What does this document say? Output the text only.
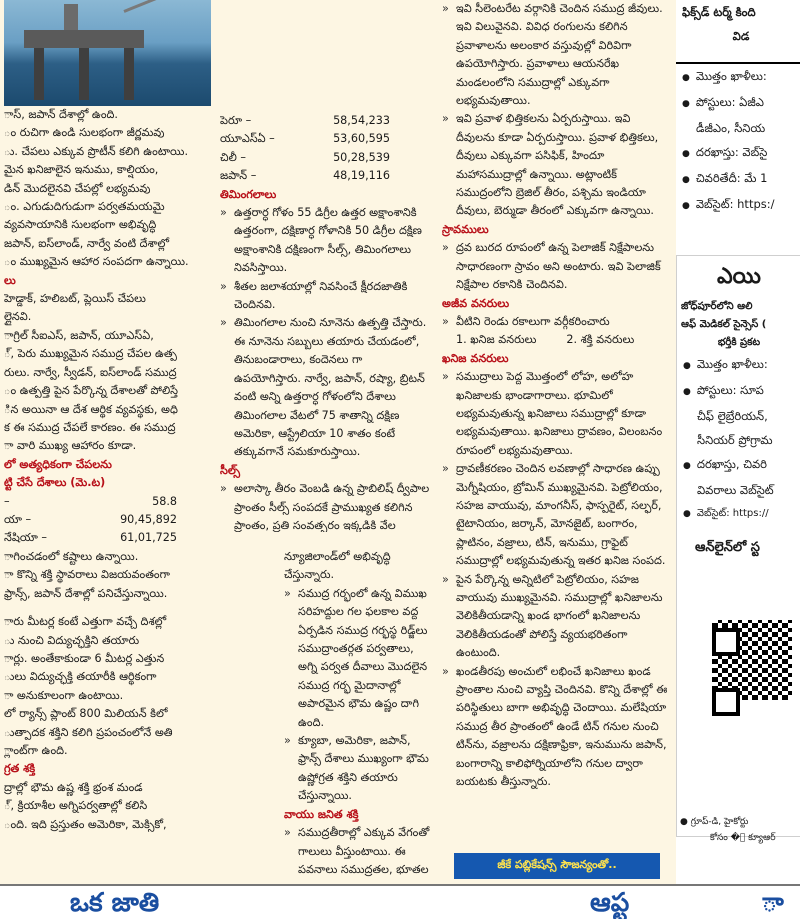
ాస్, జపాన్ దేశాల్లో ఉంది.
ం రుచిగా ఉండి సులభంగా జీర్ణమవు
ు. చేపలు ఎక్కువ ప్రొటీన్ కలిగి ఉంటాయి.
మైన ఖనిజాలైన ఇనుము, కాల్షియం,
డిన్ మొదలైనవి చేపల్లో లభ్యమవు
ం. ఎగుడుదిగుడుగా పర్వతమయమై
వ్యవసాయానికి సులభంగా అభివృద్ధి
జపాన్, ఐస్‌లాండ్, నార్వే వంటి దేశాల్లో
ం ముఖ్యమైన ఆహార సంపదగా ఉన్నాయి.
లు
హెడ్డాక్, హలిబట్, ప్లెయిస్ చేపలు
ల్లైనవి.
ాగ్రిల్ సీఐఎస్, జపాన్, యూఎస్ఏ,
్, పెరు ముఖ్యమైన సముద్ర చేపల ఉత్ప
రులు. నార్వే, స్వీడన్, ఐస్‌లాండ్ సముద్ర
ం ఉత్పత్తి పైన పేర్కొన్న దేశాలతో పోలిస్తే
ిన అయినా ఆ దేశ ఆర్థిక వ్యవస్థకు, అధి
క ఈ సముద్ర చేపలే కారణం. ఈ సముద్ర
ా వారి ముఖ్య ఆహారం కూడా.
లో అత్యధికంగా చేపలను
ట్టి చేసే దేశాలు (మె.ట)
–	58.8
యా –	90,45,892
నేషియా –	61,01,725
పెరూ –	58,54,233
యూఎస్ఏ –	53,60,595
చిలీ –	50,28,539
జపాన్ –	48,19,116
తిమింగలాలు
» ఉత్తరార్ధ గోళం 55 డిగ్రీల ఉత్తర అక్షాంశానికి ఉత్తరంగా, దక్షిణార్ధ గోళానికి 50 డిగ్రీల దక్షిణ అక్షాంశానికి దక్షిణంగా సీల్స్, తిమింగలాలు నివసిస్తాయి.
» శీతల జలాశయాల్లో నివసించే క్షీరదజాతికి చెందినవి.
» తిమింగలాల నుంచి నూనెను ఉత్పత్తి చేస్తారు. ఈ నూనెను సబ్బులు తయారు చేయడంలో, తినుబండారాలు, కందెనలు గా ఉపయోగిస్తారు. నార్వే, జపాన్, రష్యా, బ్రిటన్ వంటి అన్ని ఉత్తరార్ధ గోళంలోని దేశాలు తిమింగలాల వేటలో 75 శాతాన్ని దక్షిణ అమెరికా, ఆస్ట్రేలియా 10 శాతం కంటే తక్కువగానే సమకూరుస్తాయి.
సీల్స్
» అలాస్కా తీరం వెంబడి ఉన్న ప్రాబిలిష్ ద్వీపాల ప్రాంతం సీల్స్ సంపదకే ప్రాముఖ్యత కలిగిన ప్రాంతం, ప్రతి సంవత్సరం ఇక్కడికి వేల
» ఇవి సీలెంటరేట వర్గానికి చెందిన సముద్ర జీవులు. ఇవి విలువైనవి. వివిధ రంగులను కలిగిన ప్రవాళాలను అలంకార వస్తువుల్లో విరివిగా ఉపయోగిస్తారు. ప్రవాళాలు ఆయనరేఖ మండలంలోని సముద్రాల్లో ఎక్కువగా లభ్యమవుతాయి.
» ఇవి ప్రవాళ భిత్తికలను ఏర్పరుస్తాయి. ఇవి దీవులను కూడా ఏర్పరుస్తాయి. ప్రవాళ భిత్తికలు, దీవులు ఎక్కువగా పసిఫిక్, హిందూ మహాసముద్రాల్లో ఉన్నాయి. అట్లాంటిక్ సముద్రంలోని బ్రెజిల్ తీరం, పశ్చిమ ఇండియా దీవులు, బెర్ముడా తీరంలో ఎక్కువగా ఉన్నాయి.
స్రావములు
» ద్రవ బురద రూపంలో ఉన్న పెలాజిక్ నిక్షేపాలను సాధారణంగా స్రావం అని అంటారు. ఇవి పెలాజిక్ నిక్షేపాల రకానికి చెందినవి.
అజీవ వనరులు
» వీటిని రెండు రకాలుగా వర్గీకరించారు
1. ఖనిజ వనరులు	2. శక్తి వనరులు
ఖనిజ వనరులు
» సముద్రాలు పెద్ద మొత్తంలో లోహ, అలోహ ఖనిజాలకు భాండాగారాలు. భూమిలో లభ్యమవుతున్న ఖనిజాలు సముద్రాల్లో కూడా లభ్యమవుతాయి. ఖనిజాలు ద్రావణం, విలంబనం రూపంలో లభ్యమవుతాయి.
» ద్రావణీకరణం చెందిన లవణాల్లో సాధారణ ఉప్పు మెగ్నీషియం, బ్రోమిన్ ముఖ్యమైనవి. పెట్రోలియం, సహజ వాయువు, మాంగనీస్, ఫాస్పరైట్, సల్ఫర్, టైటానియం, జర్కాన్, మోనజైట్, బంగారం, ప్లాటినం, వజ్రాలు, టిన్, ఇనుము, గ్రాఫైట్ సముద్రాల్లో లభ్యమవుతున్న ఇతర ఖనిజ సంపద.
» పైన పేర్కొన్న అన్నిటిలో పెట్రోలియం, సహజ వాయువు ముఖ్యమైనవి. సముద్రాల్లో ఖనిజాలను వెలికితీయడాన్ని ఖండ భాగంలో ఖనిజాలను వెలికితీయడంతో పోలిస్తే వ్యయభరితంగా ఉంటుంది.
» ఖండతీరపు అంచులో లభించే ఖనిజాలు ఖండ ప్రాంతాల నుంచి వ్యాప్తి చెందినవి. కొన్ని దేశాల్లో ఈ పరిస్థితులు బాగా అభివృద్ధి చెందాయి. మలేషియా సముద్ర తీర ప్రాంతంలో ఉండే టిన్ గనుల నుంచి టిన్‌ను, వజ్రాలను దక్షిణాఫ్రికా, ఇనుమును జపాన్, బంగారాన్ని కాలిఫోర్నియాలోని గనుల ద్వారా బయటకు తీస్తున్నారు.
ాగించడంలో కష్టాలు ఉన్నాయి.
ా కొన్ని శక్తి స్థావరాలు విజయవంతంగా
ఫ్రాన్స్, జపాన్ దేశాల్లో పనిచేస్తున్నాయి.
ారు మీటర్ల కంటే ఎత్తుగా వచ్చే దిశల్లో
ు నుంచి విద్యుచ్ఛక్తిని తయారు
ార్లు. అంతేకాకుండా 6 మీటర్ల ఎత్తున
ులు విద్యుచ్ఛక్తి తయారీకి ఆర్థికంగా
ా అనుకూలంగా ఉంటాయి.
లో ర్యాన్స్ ప్లాంట్ 800 మిలియన్ కిలో
ుత్పాదక శక్తిని కలిగి ప్రపంచంలోనే అతి
్లాంట్‌గా ఉంది.
గ్రత శక్తి
ద్రాల్లో భౌమ ఉష్ణ శక్తి భ్రంశ మండ
్, క్రియాశీల అగ్నిపర్వతాల్లో కలిసి
ంది. ఇది ప్రస్తుతం అమెరికా, మెక్సికో,
న్యూజిలాండ్‌లో అభివృద్ధి చేస్తున్నారు.
» సముద్ర గర్భంలో ఉన్న విముఖ సరిహద్దుల గల ఫలకాల వద్ద ఏర్పడిన సముద్ర గర్భస్థ రిడ్జ్‌లు సముద్రాంతర్గత పర్వతాలు, అగ్ని పర్వత దీవాలు మొదలైన సముద్ర గర్భ మైదానాల్లో అపారమైన భౌమ ఉష్ణం దాగి ఉంది.
» క్యూబా, అమెరికా, జపాన్, ఫ్రాన్స్ దేశాలు ముఖ్యంగా భౌమ ఉష్ణోగ్రత శక్తిని తయారు చేస్తున్నాయి.
వాయు జనిత శక్తి
» సముద్రతీరాల్లో ఎక్కువ వేగంతో గాలులు వీస్తుంటాయి. ఈ పవనాలు సముద్రతల, భూతల	జీకే పబ్లికేషన్స్ సౌజన్యంతో..

ఫిక్స్‌డ్ టర్మ్ కింది

విడ

● మొత్తం ఖాళీలు:

● పోస్టులు: ఏజీఎ

డీజీఎం, సీనియ

● దరఖాస్తు: వెబ్‌సై

● చివరితేదీ: మే 1

● వెబ్‌సైట్: https:/

ఎయి

జోధ్‌పూర్‌లోని ఆలి

ఆఫ్ మెడికల్ సైన్సెస్ (

భర్తీకి ప్రకట

● మొత్తం ఖాళీలు:

● పోస్టులు: సూప

చీఫ్ లైబ్రేరియన్,

సీనియర్ ప్రోగ్రామ

● దరఖాస్తు, చివరి

వివరాలు వెబ్‌సైట్

● వెబ్‌సైట్: https://

ఆన్‌లైన్‌లో స్ట

● గ్రూప్-డి, హైకోర్టు
కోసం �ై క్యూఆర్
ఒక జాతి	ఆప్ట	ా
